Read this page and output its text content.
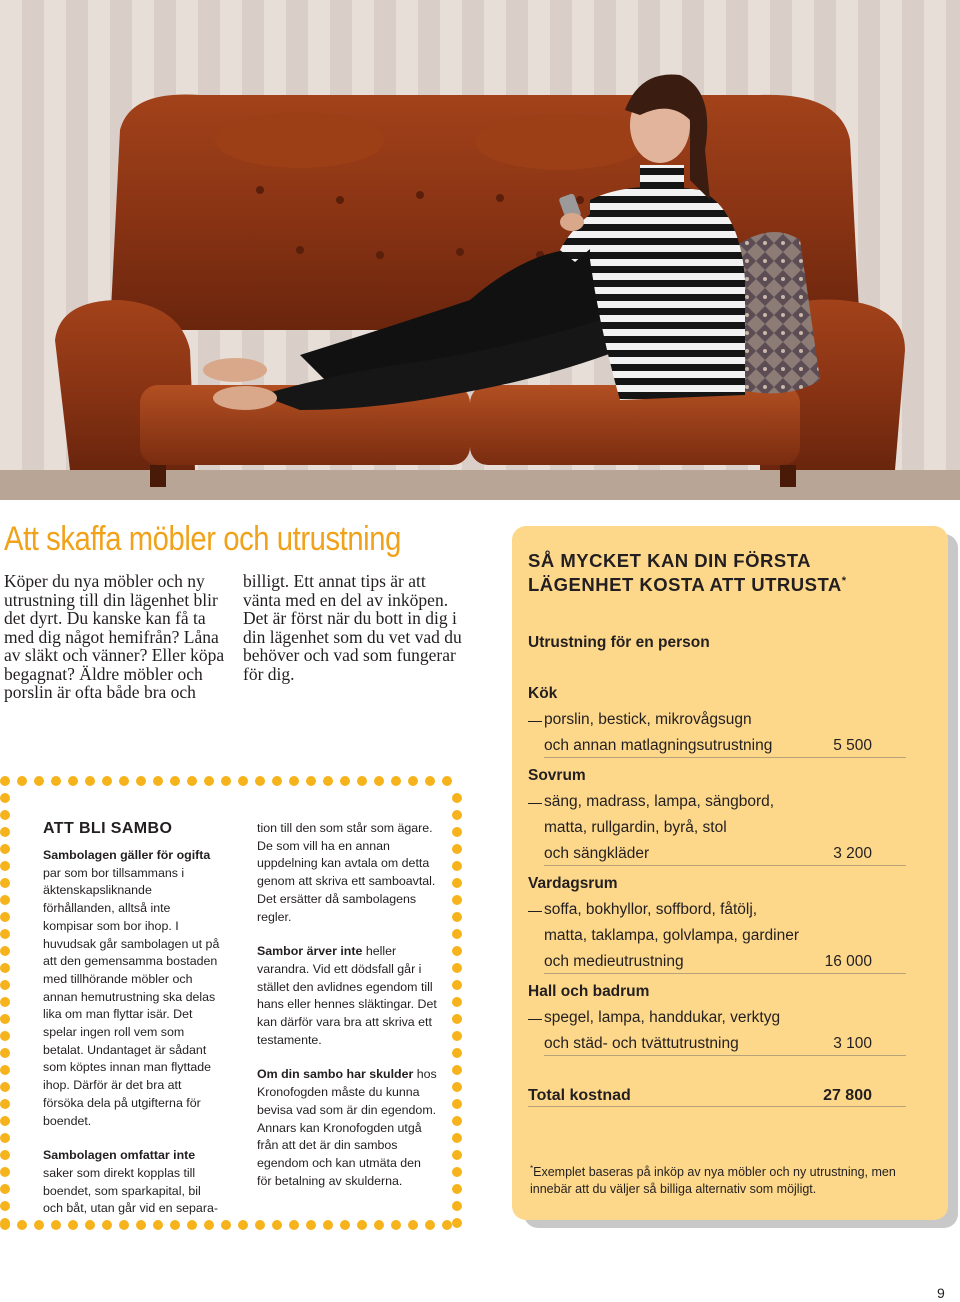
Att skaffa möbler och utrustning

Köper du nya möbler och ny utrustning till din lägenhet blir det dyrt. Du kanske kan få ta med dig något hemifrån? Låna av släkt och vänner? Eller köpa begagnat? Äldre möbler och porslin är ofta både bra och

billigt. Ett annat tips är att vänta med en del av inköpen. Det är först när du bott in dig i din lägenhet som du vet vad du behöver och vad som fungerar för dig.

ATT BLI SAMBO

Sambolagen gäller för ogifta par som bor tillsammans i äktenskapsliknande förhållanden, alltså inte kompisar som bor ihop. I huvudsak går sambolagen ut på att den gemensamma bostaden med tillhörande möbler och annan hemutrustning ska delas lika om man flyttar isär. Det spelar ingen roll vem som betalat. Undantaget är sådant som köptes innan man flyttade ihop. Därför är det bra att försöka dela på utgifterna för boendet.

Sambolagen omfattar inte saker som direkt kopplas till boendet, som sparkapital, bil och båt, utan går vid en separa-

tion till den som står som ägare. De som vill ha en annan uppdelning kan avtala om detta genom att skriva ett samboavtal. Det ersätter då sambolagens regler.

Sambor ärver inte heller varandra. Vid ett dödsfall går i stället den avlidnes egendom till hans eller hennes släktingar. Det kan därför vara bra att skriva ett testamente.

Om din sambo har skulder hos Kronofogden måste du kunna bevisa vad som är din egendom. Annars kan Kronofogden utgå från att det är din sambos egendom och kan utmäta den för betalning av skulderna.

SÅ MYCKET KAN DIN FÖRSTA
LÄGENHET KOSTA ATT UTRUSTA*

Utrustning för en person

Kök

porslin, bestick, mikrovågsugn

och annan matlagningsutrustning	5 500

Sovrum

säng, madrass, lampa, sängbord,

matta, rullgardin, byrå, stol

och sängkläder	3 200

Vardagsrum

soffa, bokhyllor, soffbord, fåtölj,

matta, taklampa, golvlampa, gardiner

och medieutrustning	16 000

Hall och badrum

spegel, lampa, handdukar, verktyg

och städ- och tvättutrustning	3 100

Total kostnad	27 800

*Exemplet baseras på inköp av nya möbler och ny utrustning, men innebär att du väljer så billiga alternativ som möjligt.

9
